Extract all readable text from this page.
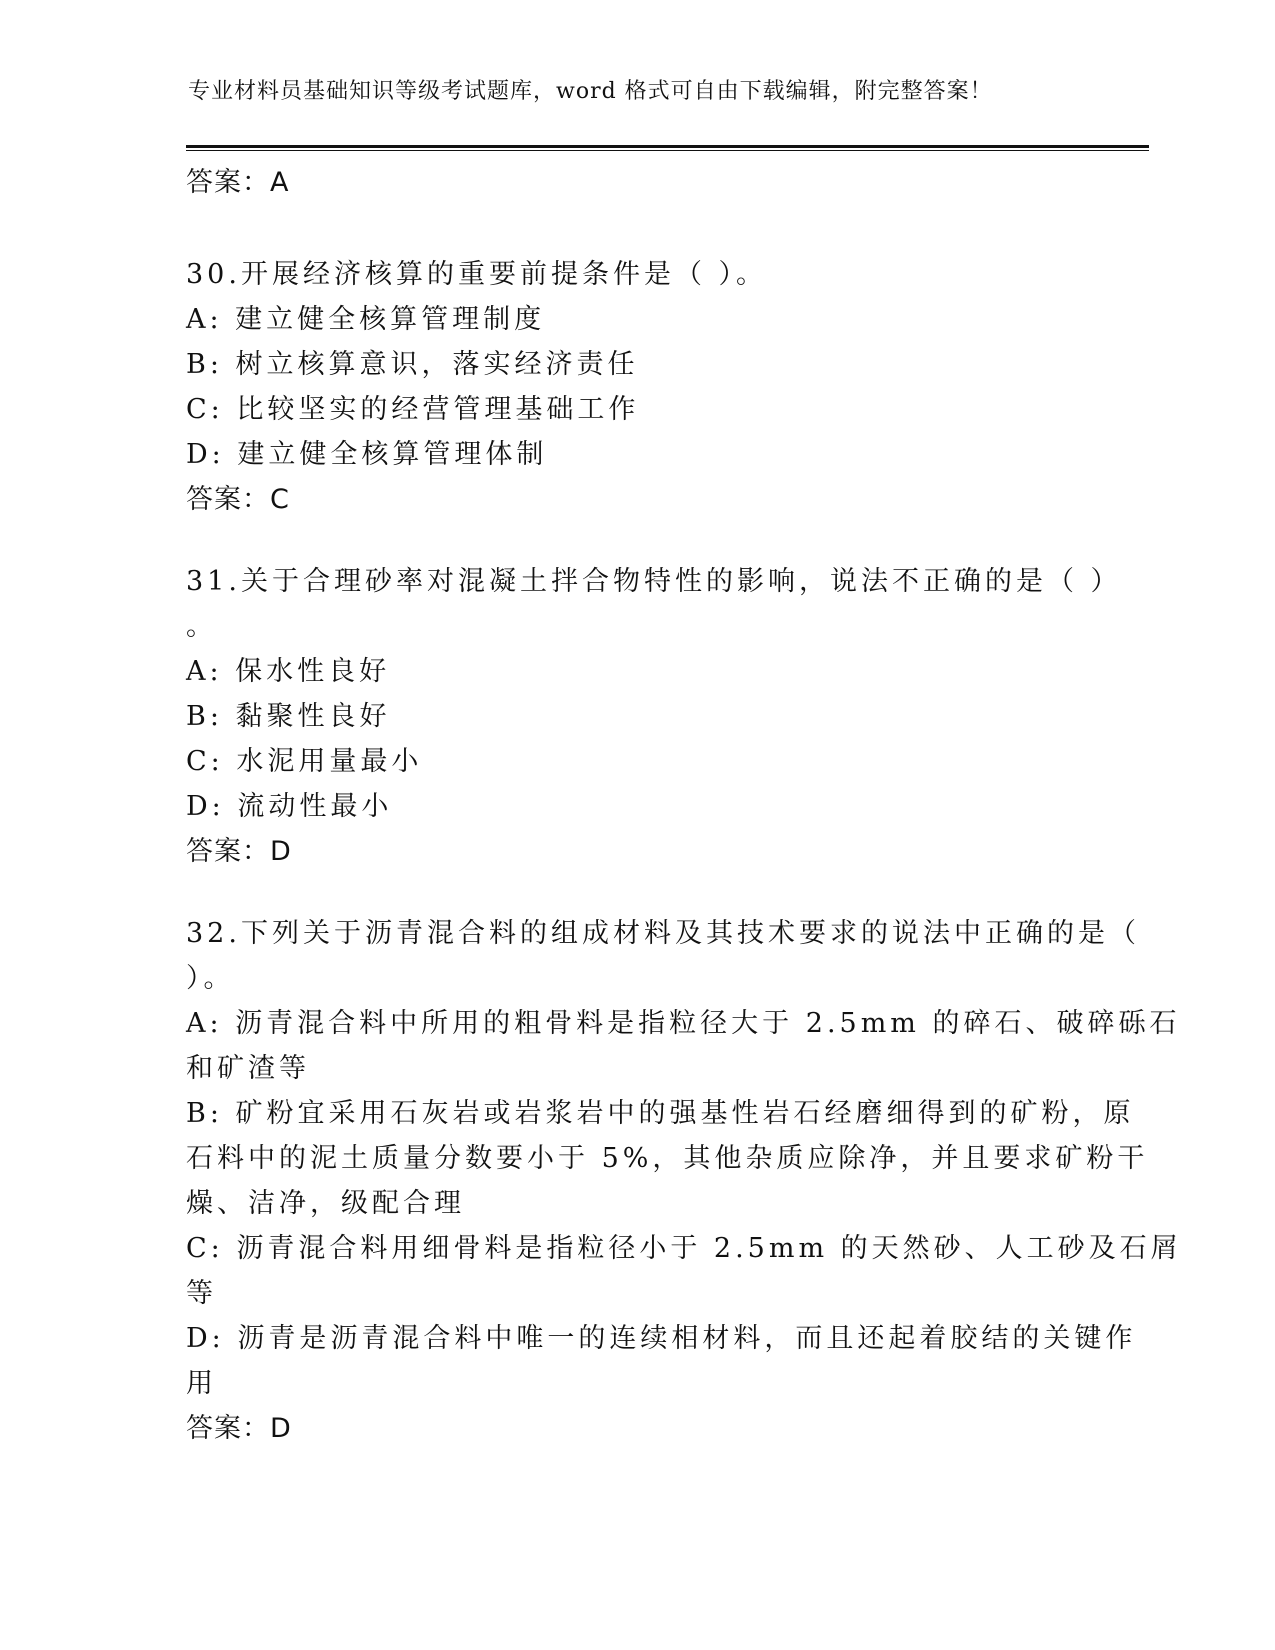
专业材料员基础知识等级考试题库，word 格式可自由下载编辑，附完整答案！
答案：A
30.开展经济核算的重要前提条件是（ ）。
A: 建立健全核算管理制度
B: 树立核算意识，落实经济责任
C: 比较坚实的经营管理基础工作
D: 建立健全核算管理体制
答案：C
31.关于合理砂率对混凝土拌合物特性的影响，说法不正确的是（ ）
。
A: 保水性良好
B: 黏聚性良好
C: 水泥用量最小
D: 流动性最小
答案：D
32.下列关于沥青混合料的组成材料及其技术要求的说法中正确的是（
）。
A: 沥青混合料中所用的粗骨料是指粒径大于 2.5mm 的碎石、破碎砾石
和矿渣等
B: 矿粉宜采用石灰岩或岩浆岩中的强基性岩石经磨细得到的矿粉，原
石料中的泥土质量分数要小于 5%，其他杂质应除净，并且要求矿粉干
燥、洁净，级配合理
C: 沥青混合料用细骨料是指粒径小于 2.5mm 的天然砂、人工砂及石屑
等
D: 沥青是沥青混合料中唯一的连续相材料，而且还起着胶结的关键作
用
答案：D
